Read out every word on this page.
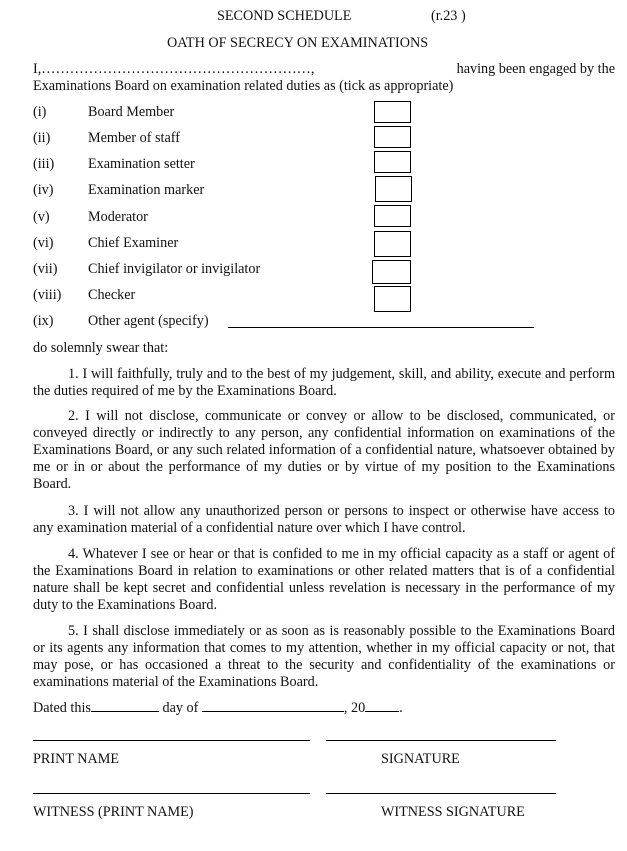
SECOND SCHEDULE	(r.23 )
OATH OF SECRECY ON EXAMINATIONS
I,…………………………………………………,	having been engaged by the
Examinations Board on examination related duties as (tick as appropriate)
(i)	Board Member
(ii)	Member of staff
(iii) Examination setter
(iv) Examination marker
(v)	Moderator
(vi) Chief Examiner
(vii) Chief invigilator or invigilator
(viii) Checker
(ix) Other agent (specify)
do solemnly swear that:
1. I will faithfully, truly and to the best of my judgement, skill, and ability, execute and perform the duties required of me by the Examinations Board.
2. I will not disclose, communicate or convey or allow to be disclosed, communicated, or conveyed directly or indirectly to any person, any confidential information on examinations of the Examinations Board, or any such related information of a confidential nature, whatsoever obtained by me or in or about the performance of my duties or by virtue of my position to the Examinations Board.
3. I will not allow any unauthorized person or persons to inspect or otherwise have access to any examination material of a confidential nature over which I have control.
4. Whatever I see or hear or that is confided to me in my official capacity as a staff or agent of the Examinations Board in relation to examinations or other related matters that is of a confidential nature shall be kept secret and confidential unless revelation is necessary in the performance of my duty to the Examinations Board.
5. I shall disclose immediately or as soon as is reasonably possible to the Examinations Board or its agents any information that comes to my attention, whether in my official capacity or not, that may pose, or has occasioned a threat to the security and confidentiality of the examinations or examinations material of the Examinations Board.
Dated this	day of	, 20 .
PRINT NAME	SIGNATURE
WITNESS (PRINT NAME)	WITNESS SIGNATURE
